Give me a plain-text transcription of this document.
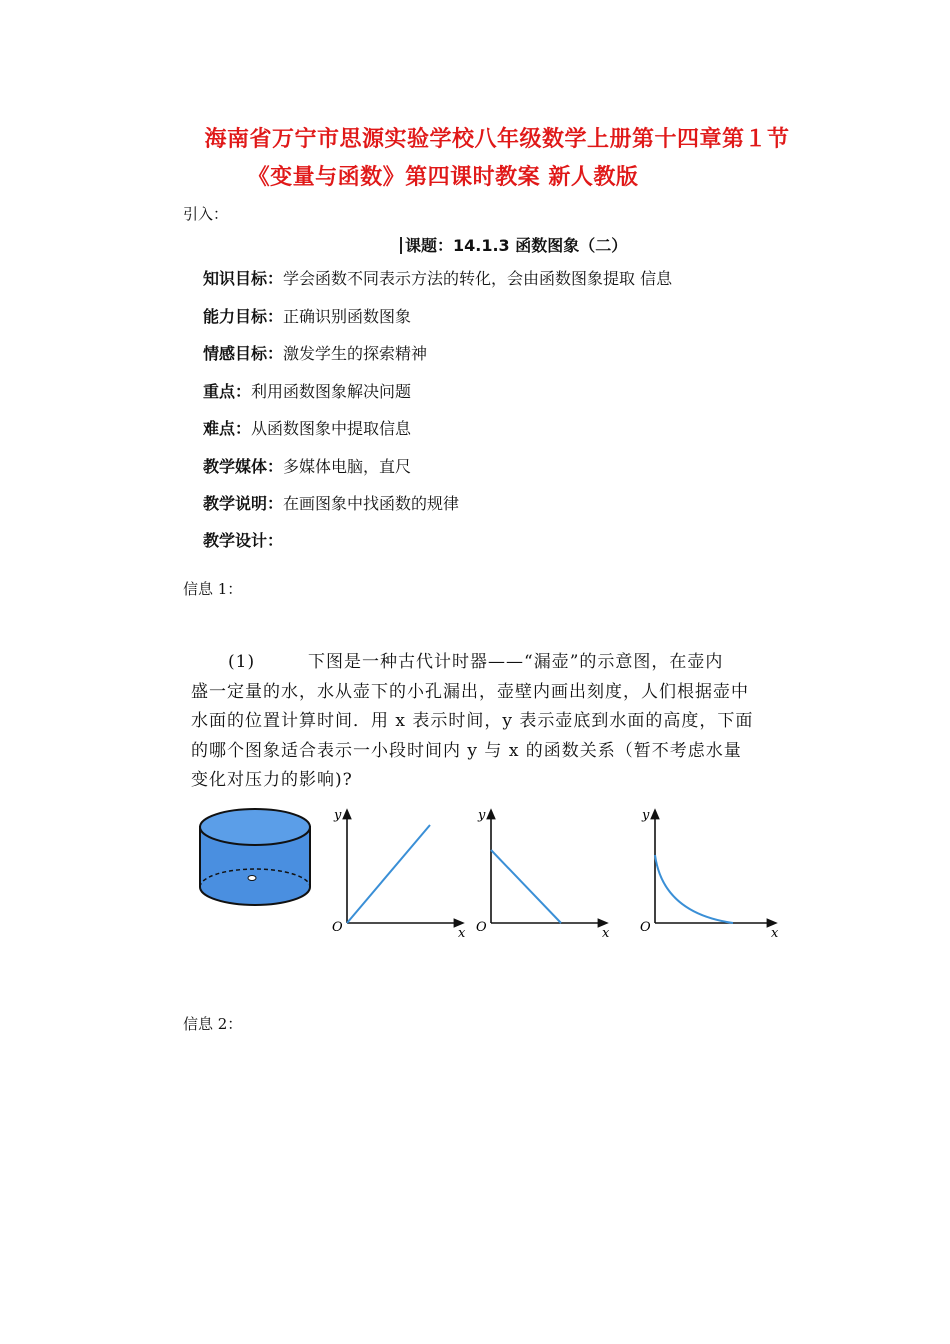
海南省万宁市思源实验学校八年级数学上册第十四章第１节
《变量与函数》第四课时教案 新人教版
引入：
课题：14.1.3 函数图象（二）
知识目标：学会函数不同表示方法的转化，会由函数图象提取 信息
能力目标：正确识别函数图象
情感目标：激发学生的探索精神
重点：利用函数图象解决问题
难点：从函数图象中提取信息
教学媒体：多媒体电脑，直尺
教学说明：在画图象中找函数的规律
教学设计：
信息 1：
(1)	下图是一种古代计时器——“漏壶”的示意图，在壶内
盛一定量的水，水从壶下的小孔漏出，壶壁内画出刻度，人们根据壶中
水面的位置计算时间．用 x 表示时间，y 表示壶底到水面的高度，下面
的哪个图象适合表示一小段时间内 y 与 x 的函数关系（暂不考虑水量
变化对压力的影响)?
y
x
O
y
x
O
y
x
O
信息 2：
